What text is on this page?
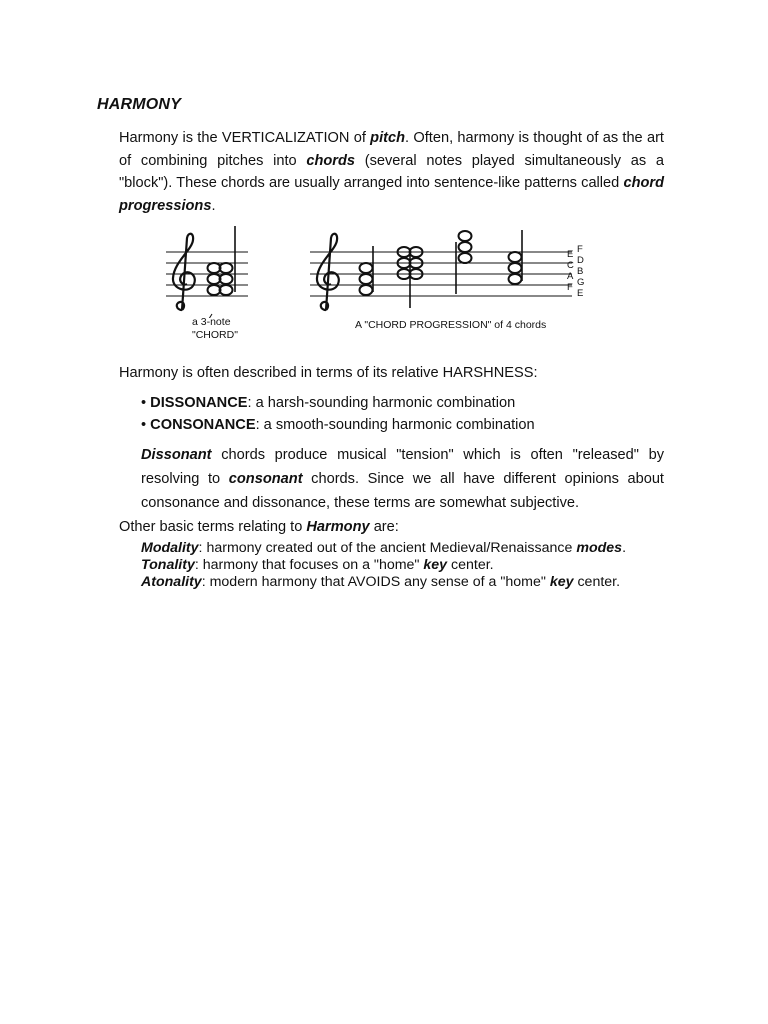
HARMONY
Harmony is the VERTICALIZATION of pitch. Often, harmony is thought of as the art of combining pitches into chords (several notes played simultaneously as a "block"). These chords are usually arranged into sentence-like patterns called chord progressions.
E
C
A
F
F
D
B
G
E
a 3-note
"CHORD"
A "CHORD PROGRESSION" of 4 chords
Harmony is often described in terms of its relative HARSHNESS:
• DISSONANCE: a harsh-sounding harmonic combination
• CONSONANCE: a smooth-sounding harmonic combination
Dissonant chords produce musical "tension" which is often "released" by resolving to consonant chords. Since we all have different opinions about consonance and dissonance, these terms are somewhat subjective.
Other basic terms relating to Harmony are:
Modality: harmony created out of the ancient Medieval/Renaissance modes.
Tonality: harmony that focuses on a "home" key center.
Atonality: modern harmony that AVOIDS any sense of a "home" key center.
